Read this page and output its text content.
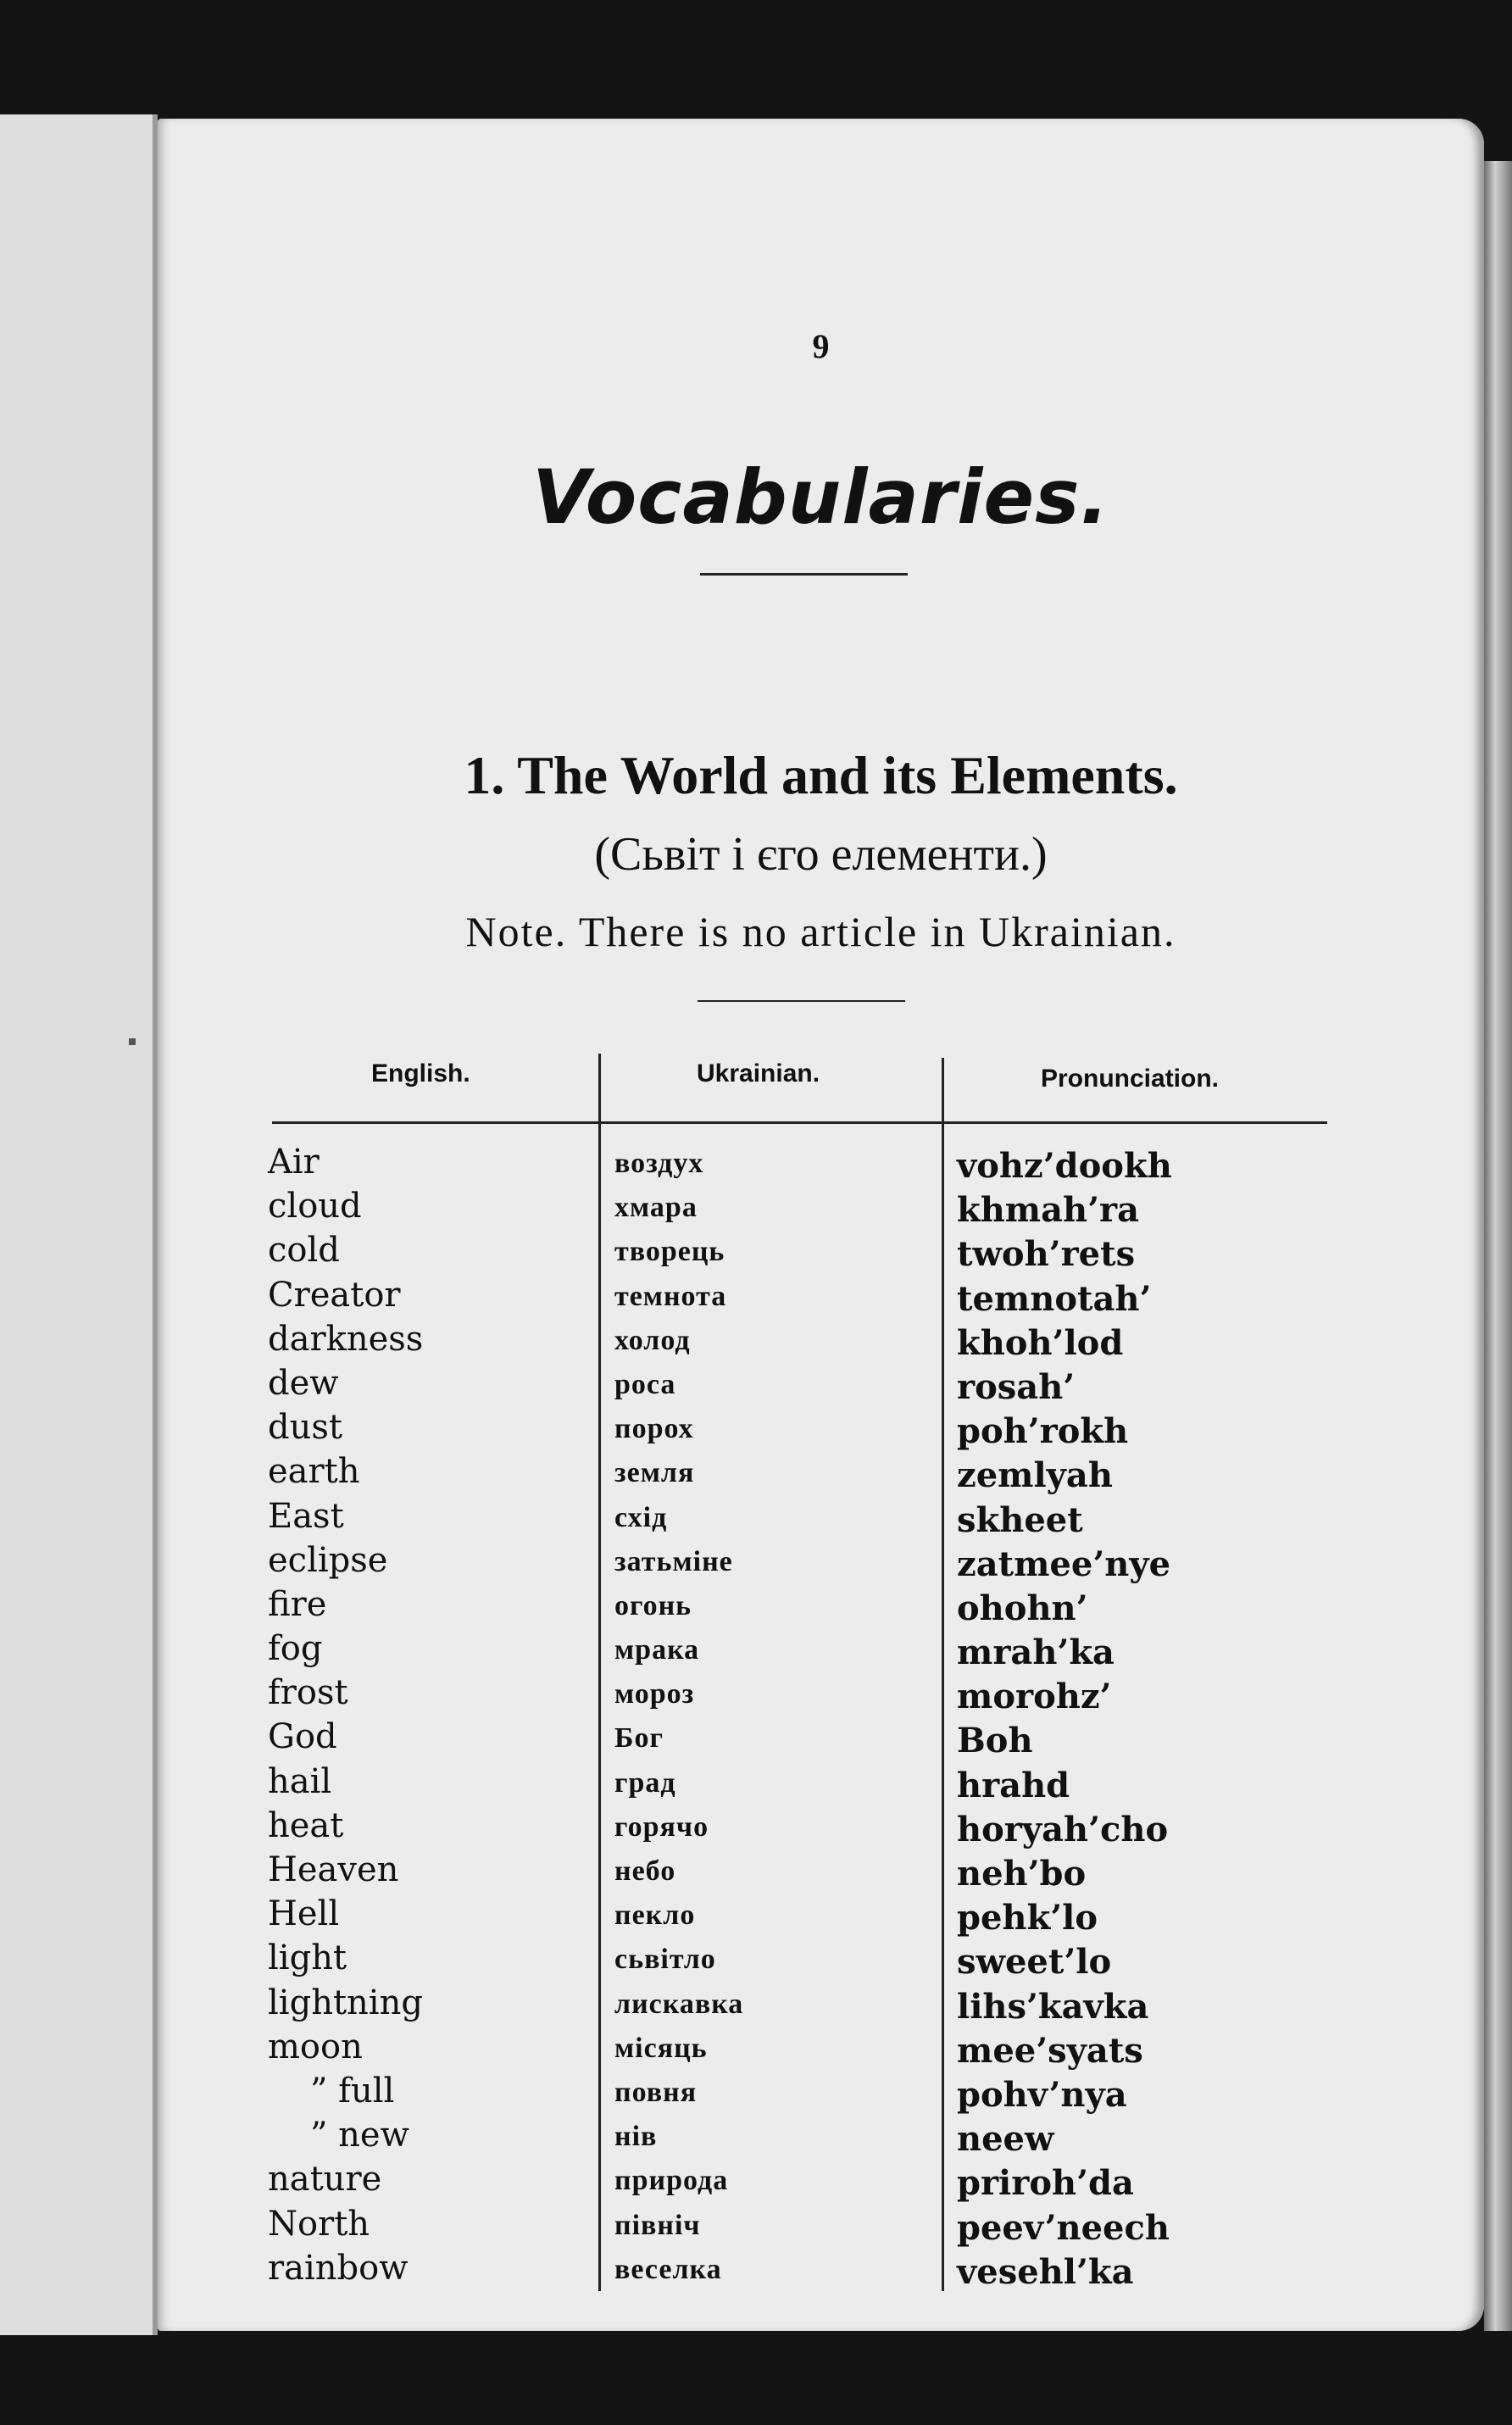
9
Vocabularies.
1. The World and its Elements.
(Сьвіт і єго елементи.)
Note. There is no article in Ukrainian.
English.	Ukrainian.	Pronunciation.
Air	воздух	vohz’dookh
cloud	хмара	khmah’ra
cold	творець	twoh’rets
Creator	темнота	temnotah’
darkness	холод	khoh’lod
dew	роса	rosah’
dust	порох	poh’rokh
earth	земля	zemlyah
East	схід	skheet
eclipse	затьміне	zatmee’nye
fire	огонь	ohohn’
fog	мрака	mrah’ka
frost	мороз	morohz’
God	Бог	Boh
hail	град	hrahd
heat	горячо	horyah’cho
Heaven	небо	neh’bo
Hell	пекло	pehk’lo
light	сьвітло	sweet’lo
lightning	лискавка	lihs’kavka
moon	місяць	mee’syats
” full	повня	pohv’nya
” new	нів	neew
nature	природа	priroh’da
North	північ	peev’neech
rainbow	веселка	vesehl’ka
